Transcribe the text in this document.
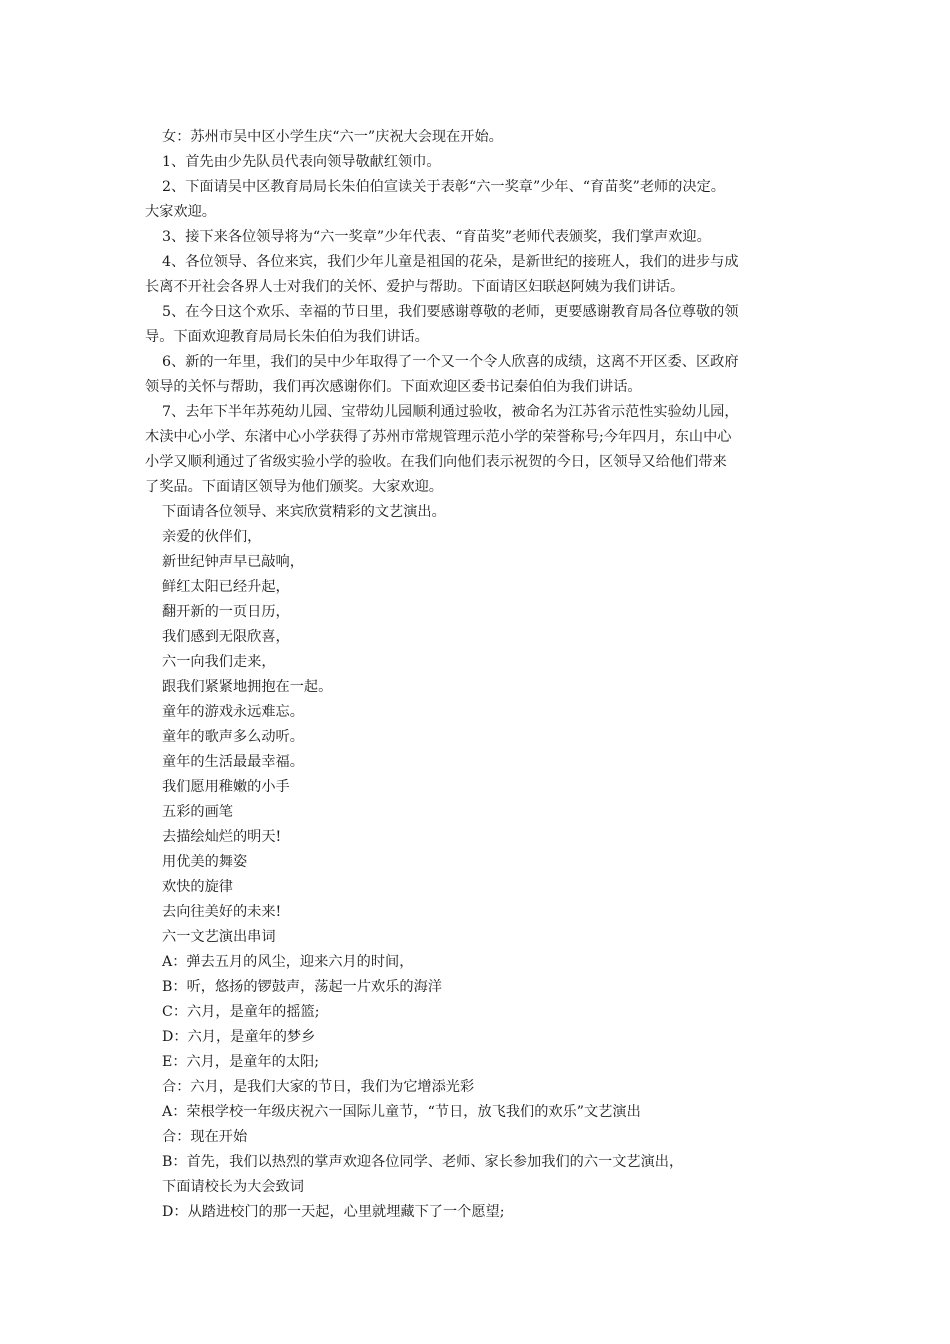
女：苏州市吴中区小学生庆“六一”庆祝大会现在开始。
1、首先由少先队员代表向领导敬献红领巾。
2、下面请吴中区教育局局长朱伯伯宣读关于表彰“六一奖章”少年、“育苗奖”老师的决定。
大家欢迎。
3、接下来各位领导将为“六一奖章”少年代表、“育苗奖”老师代表颁奖，我们掌声欢迎。
4、各位领导、各位来宾，我们少年儿童是祖国的花朵，是新世纪的接班人，我们的进步与成
长离不开社会各界人士对我们的关怀、爱护与帮助。下面请区妇联赵阿姨为我们讲话。
5、在今日这个欢乐、幸福的节日里，我们要感谢尊敬的老师，更要感谢教育局各位尊敬的领
导。下面欢迎教育局局长朱伯伯为我们讲话。
6、新的一年里，我们的吴中少年取得了一个又一个令人欣喜的成绩，这离不开区委、区政府
领导的关怀与帮助，我们再次感谢你们。下面欢迎区委书记秦伯伯为我们讲话。
7、去年下半年苏苑幼儿园、宝带幼儿园顺利通过验收，被命名为江苏省示范性实验幼儿园，
木渎中心小学、东渚中心小学获得了苏州市常规管理示范小学的荣誉称号;今年四月，东山中心
小学又顺利通过了省级实验小学的验收。在我们向他们表示祝贺的今日，区领导又给他们带来
了奖品。下面请区领导为他们颁奖。大家欢迎。
下面请各位领导、来宾欣赏精彩的文艺演出。
亲爱的伙伴们，
新世纪钟声早已敲响，
鲜红太阳已经升起，
翻开新的一页日历，
我们感到无限欣喜，
六一向我们走来，
跟我们紧紧地拥抱在一起。
童年的游戏永远难忘。
童年的歌声多么动听。
童年的生活最最幸福。
我们愿用稚嫩的小手
五彩的画笔
去描绘灿烂的明天!
用优美的舞姿
欢快的旋律
去向往美好的未来!
六一文艺演出串词
A：弹去五月的风尘，迎来六月的时间，
B：听，悠扬的锣鼓声，荡起一片欢乐的海洋
C：六月，是童年的摇篮;
D：六月，是童年的梦乡
E：六月，是童年的太阳;
合：六月，是我们大家的节日，我们为它增添光彩
A：荣根学校一年级庆祝六一国际儿童节，“节日，放飞我们的欢乐”文艺演出
合：现在开始
B：首先，我们以热烈的掌声欢迎各位同学、老师、家长参加我们的六一文艺演出，
下面请校长为大会致词
D：从踏进校门的那一天起，心里就埋藏下了一个愿望;
